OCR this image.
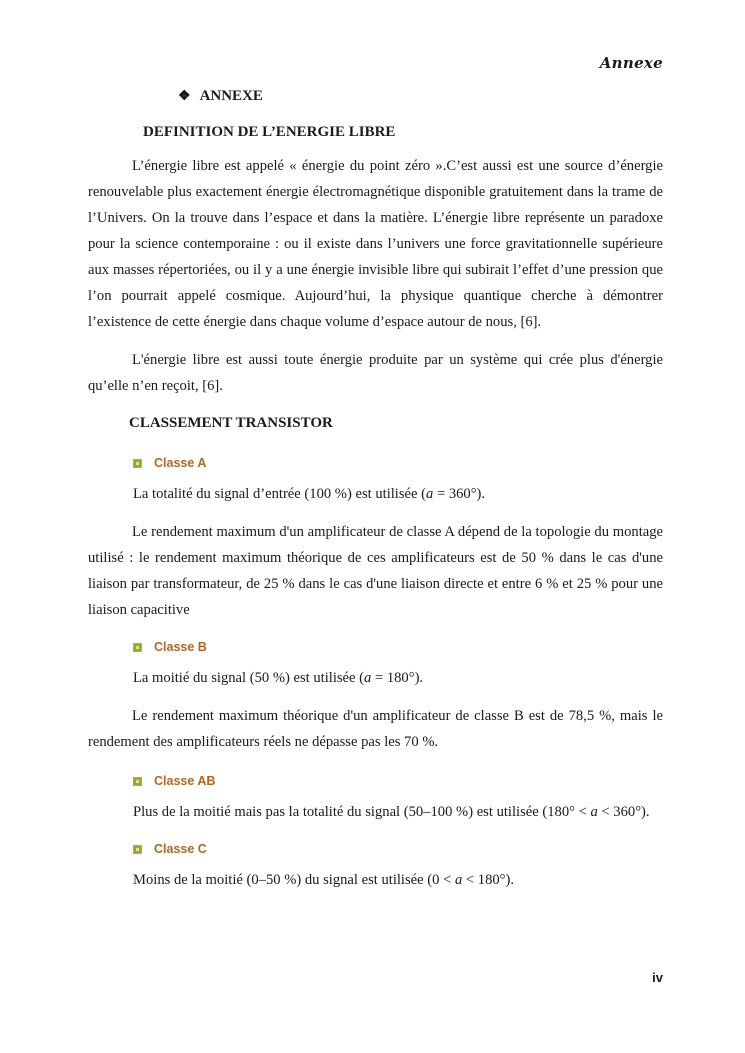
Annexe
❖ ANNEXE
DEFINITION DE L’ENERGIE LIBRE

L’énergie libre est appelé « énergie du point zéro ».C’est aussi est une source d’énergie renouvelable plus exactement énergie électromagnétique disponible gratuitement dans la trame de l’Univers. On la trouve dans l’espace et dans la matière. L’énergie libre représente un paradoxe pour la science contemporaine : ou il existe dans l’univers une force gravitationnelle supérieure aux masses répertoriées, ou il y a une énergie invisible libre qui subirait l’effet d’une pression que l’on pourrait appelé cosmique. Aujourd’hui, la physique quantique cherche à démontrer l’existence de cette énergie dans chaque volume d’espace autour de nous, [6].

L'énergie libre est aussi toute énergie produite par un système qui crée plus d'énergie qu’elle n’en reçoit, [6].

CLASSEMENT TRANSISTOR
Classe A

La totalité du signal d’entrée (100 %) est utilisée (a = 360°).

Le rendement maximum d'un amplificateur de classe A dépend de la topologie du montage utilisé : le rendement maximum théorique de ces amplificateurs est de 50 % dans le cas d'une liaison par transformateur, de 25 % dans le cas d'une liaison directe et entre 6 % et 25 % pour une liaison capacitive

Classe B

La moitié du signal (50 %) est utilisée (a = 180°).

Le rendement maximum théorique d'un amplificateur de classe B est de 78,5 %, mais le rendement des amplificateurs réels ne dépasse pas les 70 %.

Classe AB

Plus de la moitié mais pas la totalité du signal (50–100 %) est utilisée (180° < a < 360°).

Classe C

Moins de la moitié (0–50 %) du signal est utilisée (0 < a < 180°).

iv
